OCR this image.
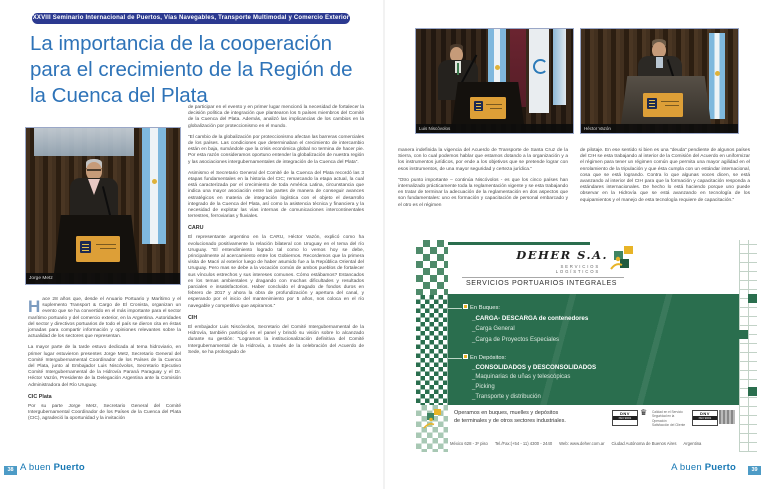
XXVIII Seminario Internacional de Puertos, Vías Navegables, Transporte Multimodal y Comercio Exterior
La importancia de la cooperación para el crecimiento de la Región de la Cuenca del Plata
Jorge Metz

Hace 28 años que, desde el Anuario Portuario y Marítimo y el suplemento Transport & Cargo de El Cronista, organizan un evento que se ha convertido en el más importante para el sector marítimo portuario y del comercio exterior, en la Argentina. Autoridades del sector y directivos portuarios de todo el país se dieron cita en éstas jornadas para compartir información y opiniones relevantes sobre la actualidad de los sectores que representan.

La mayor parte de la tarde estuvo dedicada al tema hidroviario, en primer lugar estuvieron presentes Jorge Metz, Secretario General del Comité Intergubernamental Coordinador de los Países de la Cuenca del Plata, junto al Embajador Luis Niscóvolos, Secretario Ejecutivo Comité Intergubernamental de la Hidrovía Paraná Paraguay y el Dr. Héctor Vazón, Presidente de la Delegación Argentina ante la Comisión Administradora del Río Uruguay.

CIC Plata

Por su parte Jorge Metz, Secretario General del Comité Intergubernamental Coordinador de los Países de la Cuenca del Plata (CIC), agradeció la oportunidad y la invitación

de participar en el evento y en primer lugar mencionó la necesidad de fortalecer la decisión política de integración que plantearon los 5 países miembros del Comité de la Cuenca del Plata. Además, analizó las implicancias de los cambios en la globalización por proteccionismo en el mundo.

“El cambio de la globalización por proteccionismo afectan las barreras comerciales de los países. Las condiciones que determinaban el crecimiento de intercambio están en baja, sumándole que la crisis económica global no termina de hacer pie. Por esta razón consideramos oportuno entender la globalización de nuestra región y las asociaciones intergubernamentales de integración de la Cuenca del Plata”.

Asimismo el Secretario General del Comité de la Cuenca del Plata recordó las 3 etapas fundamentales en la historia del CIC; remarcando la etapa actual, la cual está caracterizada por el crecimiento de toda América Latina, circunstancia que indica una mayor asociación entre las partes de manera de conseguir avances estratégicos en materia de integración logística con el objeto el desarrollo integrado de la Cuenca del Plata, así como la asistencia técnica y financiera y la necesidad de explotar las vías internas de comunicaciones intercontinentales terrestres, ferroviarias y fluviales.

CARU

El representante argentino en la CARU, Héctor Vazón, explicó como ha evolucionado positivamente la relación bilateral con Uruguay en el tema del río Uruguay. “El entendimiento logrado tal como lo vemos hoy se debe, principalmente al acercamiento entre los Gobiernos. Recordemos que la primera visita de Macri al exterior luego de haber asumido fue a la República Oriental del Uruguay. Pero mas se debe a la vocación común de ambos pueblos de fortalecer sus vínculos estrechos y sus intereses comunes. Cómo estábamos? Estancados en los temas ambientales y dragando con muchas dificultades y resultados parciales e insatisfactorios. Haber concluido el dragado de fondos duros en febrero de 2017 y ahora la obra de profundización y apertura del canal, y esperando por el inicio del mantenimiento por 5 años, nos coloca en el río navegable y competitivo que aspiramos.”

CIH

El embajador Luis Niscóvolos, Secretario del Comité Intergubernamental de la Hidrovía, también participó en el panel y brindó su visión sobre lo alcanzado durante su gestión: “Logramos la institucionalización definitiva del Comité Intergubernamental de la Hidrovía, a través de la celebración del Acuerdo de Sede, se ha prolongado de

38 A buen Puerto
Luis Niscóvolos	Héctor Vazón

manera indefinida la vigencia del Acuerdo de Transporte de Santa Cruz de la Sierra, con lo cual podemos hablar que estamos dotando a la organización y a los instrumentos jurídicos, por ende a los objetivos que se pretende lograr con esos instrumentos, de una mayor seguridad y certeza jurídica.”

“Otro punto importante – continúa Niscóvolos - es que los cinco países han internalizado prácticamente toda la reglamentación vigente y se esta trabajando en tratar de terminar la adecuación de la reglamentación en dos aspectos que son fundamentales: uno es formación y capacitación de personal embarcado y el otro es el régimen

de pilotaje. En ese sentido si bien es una “deuda” pendiente de algunos países del CIH se esta trabajando al interior de la Comisión del Acuerdo en uniformizar el régimen para tener un régimen común que permita una mayor agilidad en el enrolamiento de la tripulación y que ésta cumpla con un estándar internacional, cosa que se está logrando. Contra lo que algunas voces dicen, se está avanzando al interior del CIH para que la formación y capacitación responda a estándares internacionales. De hecho lo está haciendo porque uno puede observar en la Hidrovía que se está avanzando en tecnología de los equipamientos y el manejo de esta tecnología requiere de capacitación.”

DEHER S.A.
SERVICIOS LOGÍSTICOS
SERVICIOS PORTUARIOS INTEGRALES
En Buques:
_CARGA- DESCARGA de contenedores
_Carga General
_Carga de Proyectos Especiales
En Depósitos:
_CONSOLIDADOS y DESCONSOLIDADOS
_Maquinarias de uñas y telescópicas
_Picking
_Transporte y distribución
Operamos en buques, muelles y depósitos
de terminales y de otros sectores industriales.
DNV
ISO 9001
♛ Calidad en el Servicio
Seguridad en la Operación
Satisfacción del Cliente
DNV
ISO 9001
México 628 - 3º piso Tel./Fax:(+54 - 11) 4300 - 2440 Web: www.deher.com.ar Ciudad Autónoma de Buenos Aires Argentina
A buen Puerto	39
